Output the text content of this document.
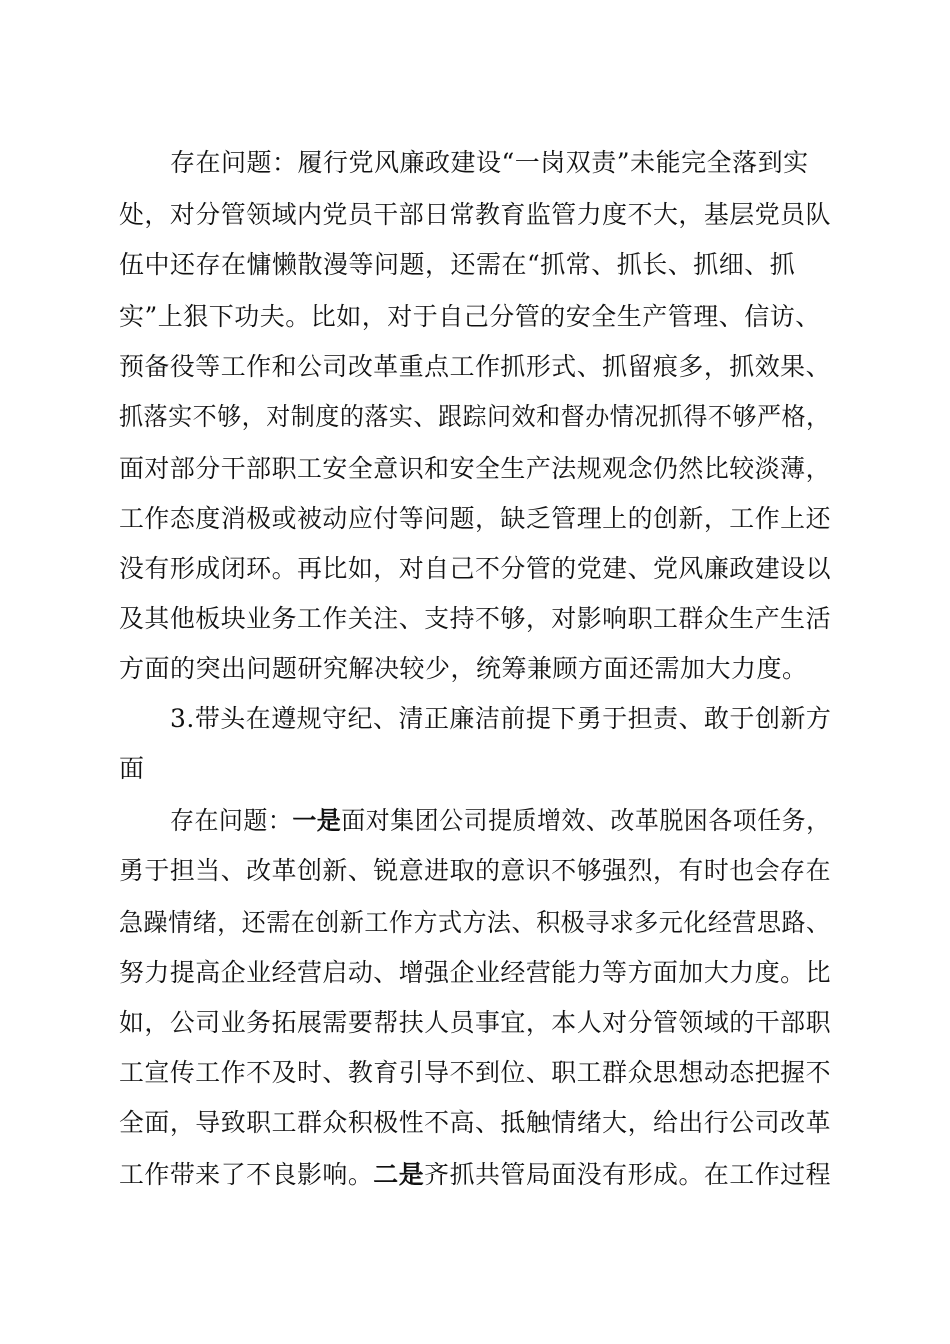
存在问题：履行党风廉政建设“一岗双责”未能完全落到实
处，对分管领域内党员干部日常教育监管力度不大，基层党员队
伍中还存在慵懒散漫等问题，还需在“抓常、抓长、抓细、抓
实”上狠下功夫。比如，对于自己分管的安全生产管理、信访、
预备役等工作和公司改革重点工作抓形式、抓留痕多，抓效果、
抓落实不够，对制度的落实、跟踪问效和督办情况抓得不够严格，
面对部分干部职工安全意识和安全生产法规观念仍然比较淡薄，
工作态度消极或被动应付等问题，缺乏管理上的创新，工作上还
没有形成闭环。再比如，对自己不分管的党建、党风廉政建设以
及其他板块业务工作关注、支持不够，对影响职工群众生产生活
方面的突出问题研究解决较少，统筹兼顾方面还需加大力度。
3.带头在遵规守纪、清正廉洁前提下勇于担责、敢于创新方
面
存在问题：一是面对集团公司提质增效、改革脱困各项任务，
勇于担当、改革创新、锐意进取的意识不够强烈，有时也会存在
急躁情绪，还需在创新工作方式方法、积极寻求多元化经营思路、
努力提高企业经营启动、增强企业经营能力等方面加大力度。比
如，公司业务拓展需要帮扶人员事宜，本人对分管领域的干部职
工宣传工作不及时、教育引导不到位、职工群众思想动态把握不
全面，导致职工群众积极性不高、抵触情绪大，给出行公司改革
工作带来了不良影响。二是齐抓共管局面没有形成。在工作过程
